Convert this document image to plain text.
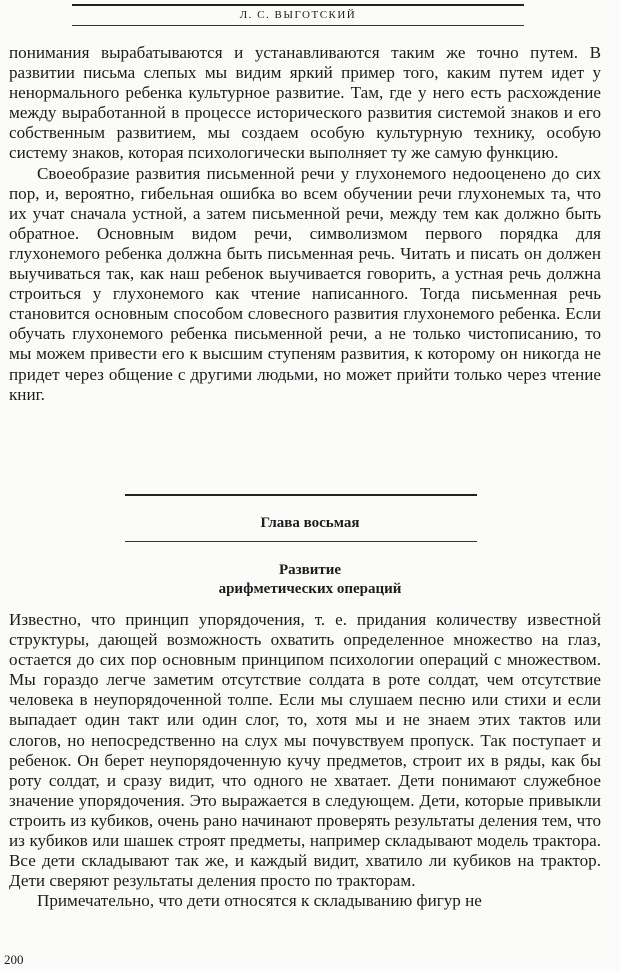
Л. С. ВЫГОТСКИЙ

понимания вырабатываются и устанавливаются таким же точно путем. В развитии письма слепых мы видим яркий пример того, каким путем идет у ненормального ребенка культурное развитие. Там, где у него есть расхождение между выработанной в процессе исторического развития системой знаков и его собственным развитием, мы создаем особую культурную технику, особую систему знаков, которая психологически выполняет ту же самую функцию.

Своеобразие развития письменной речи у глухонемого недооценено до сих пор, и, вероятно, гибельная ошибка во всем обучении речи глухонемых та, что их учат сначала устной, а затем письменной речи, между тем как должно быть обратное. Основным видом речи, символизмом первого порядка для глухонемого ребенка должна быть письменная речь. Читать и писать он должен выучиваться так, как наш ребенок выучивается говорить, а устная речь должна строиться у глухонемого как чтение написанного. Тогда письменная речь становится основным способом словесного развития глухонемого ребенка. Если обучать глухонемого ребенка письменной речи, а не только чистописанию, то мы можем привести его к высшим ступеням развития, к которому он никогда не придет через общение с другими людьми, но может прийти только через чтение книг.

Глава восьмая
Развитие
арифметических операций

Известно, что принцип упорядочения, т. е. придания количеству известной структуры, дающей возможность охватить определенное множество на глаз, остается до сих пор основным принципом психологии операций с множеством. Мы гораздо легче заметим отсутствие солдата в роте солдат, чем отсутствие человека в неупорядоченной толпе. Если мы слушаем песню или стихи и если выпадает один такт или один слог, то, хотя мы и не знаем этих тактов или слогов, но непосредственно на слух мы почувствуем пропуск. Так поступает и ребенок. Он берет неупорядоченную кучу предметов, строит их в ряды, как бы роту солдат, и сразу видит, что одного не хватает. Дети понимают служебное значение упорядочения. Это выражается в следующем. Дети, которые привыкли строить из кубиков, очень рано начинают проверять результаты деления тем, что из кубиков или шашек строят предметы, например складывают модель трактора. Все дети складывают так же, и каждый видит, хватило ли кубиков на трактор. Дети сверяют результаты деления просто по тракторам.

Примечательно, что дети относятся к складыванию фигур не

200
